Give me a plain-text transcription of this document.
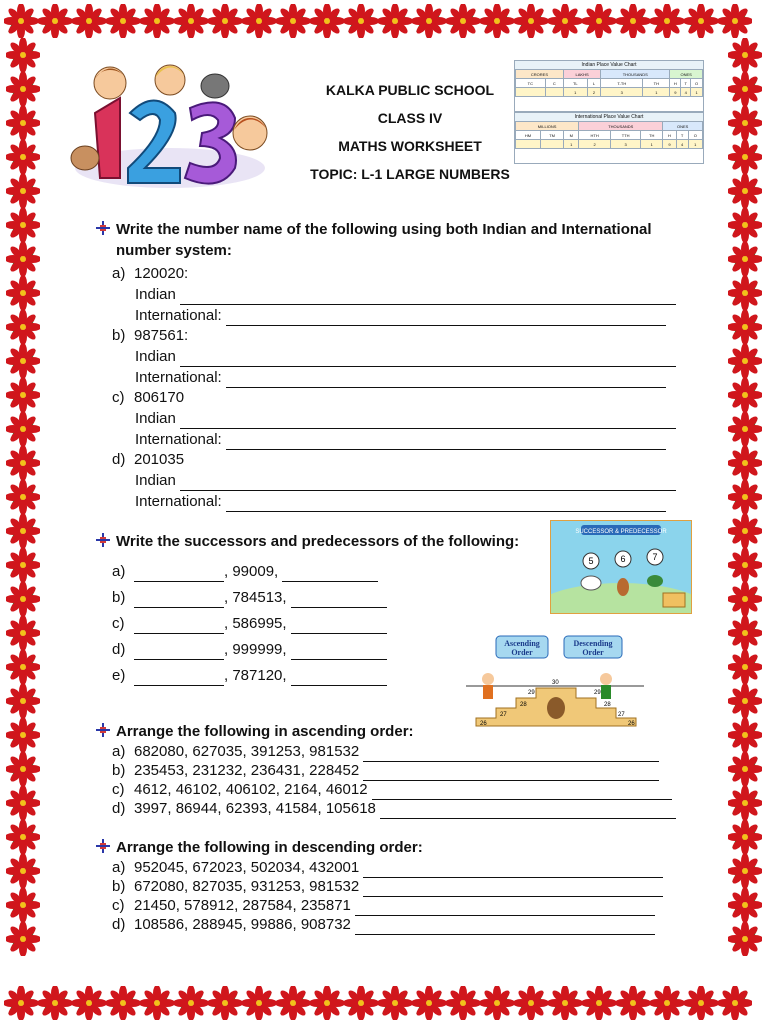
KALKA PUBLIC SCHOOL
CLASS IV
MATHS WORKSHEET
TOPIC: L-1 LARGE NUMBERS
Indian Place Value Chart
CRORES		LAKHS		THOUSANDS		ONES		
TC	C	TL	L	T-TH	TH	H	T	O
		1	2	3	1	9	4	1
International Place Value Chart
MILLIONS			THOUSANDS			ONES		
HM	TM	M	HTH	TTH	TH	H	T	O
		1	2	3	1	9	4	1
Write the number name of the following using both Indian and International
number system:
a) 120020:
Indian
International:
b) 987561:
Indian
International:
c) 806170
Indian
International:
d) 201035
Indian
International:
Write the successors and predecessors of the following:
a)	, 99009,
b)	, 784513,
c)	, 586995,
d)	, 999999,
e)	, 787120,
SUCCESSOR & PREDECESSOR
5	6	7
Ascending
Order
Descending
Order
26
27
28
29
30
29
28
27
26
Arrange the following in ascending order:
a) 682080, 627035, 391253, 981532
b) 235453, 231232, 236431, 228452
c) 4612, 46102, 406102, 2164, 46012
d) 3997, 86944, 62393, 41584, 105618
Arrange the following in descending order:
a) 952045, 672023, 502034, 432001
b) 672080, 827035, 931253, 981532
c) 21450, 578912, 287584, 235871
d) 108586, 288945, 99886, 908732
